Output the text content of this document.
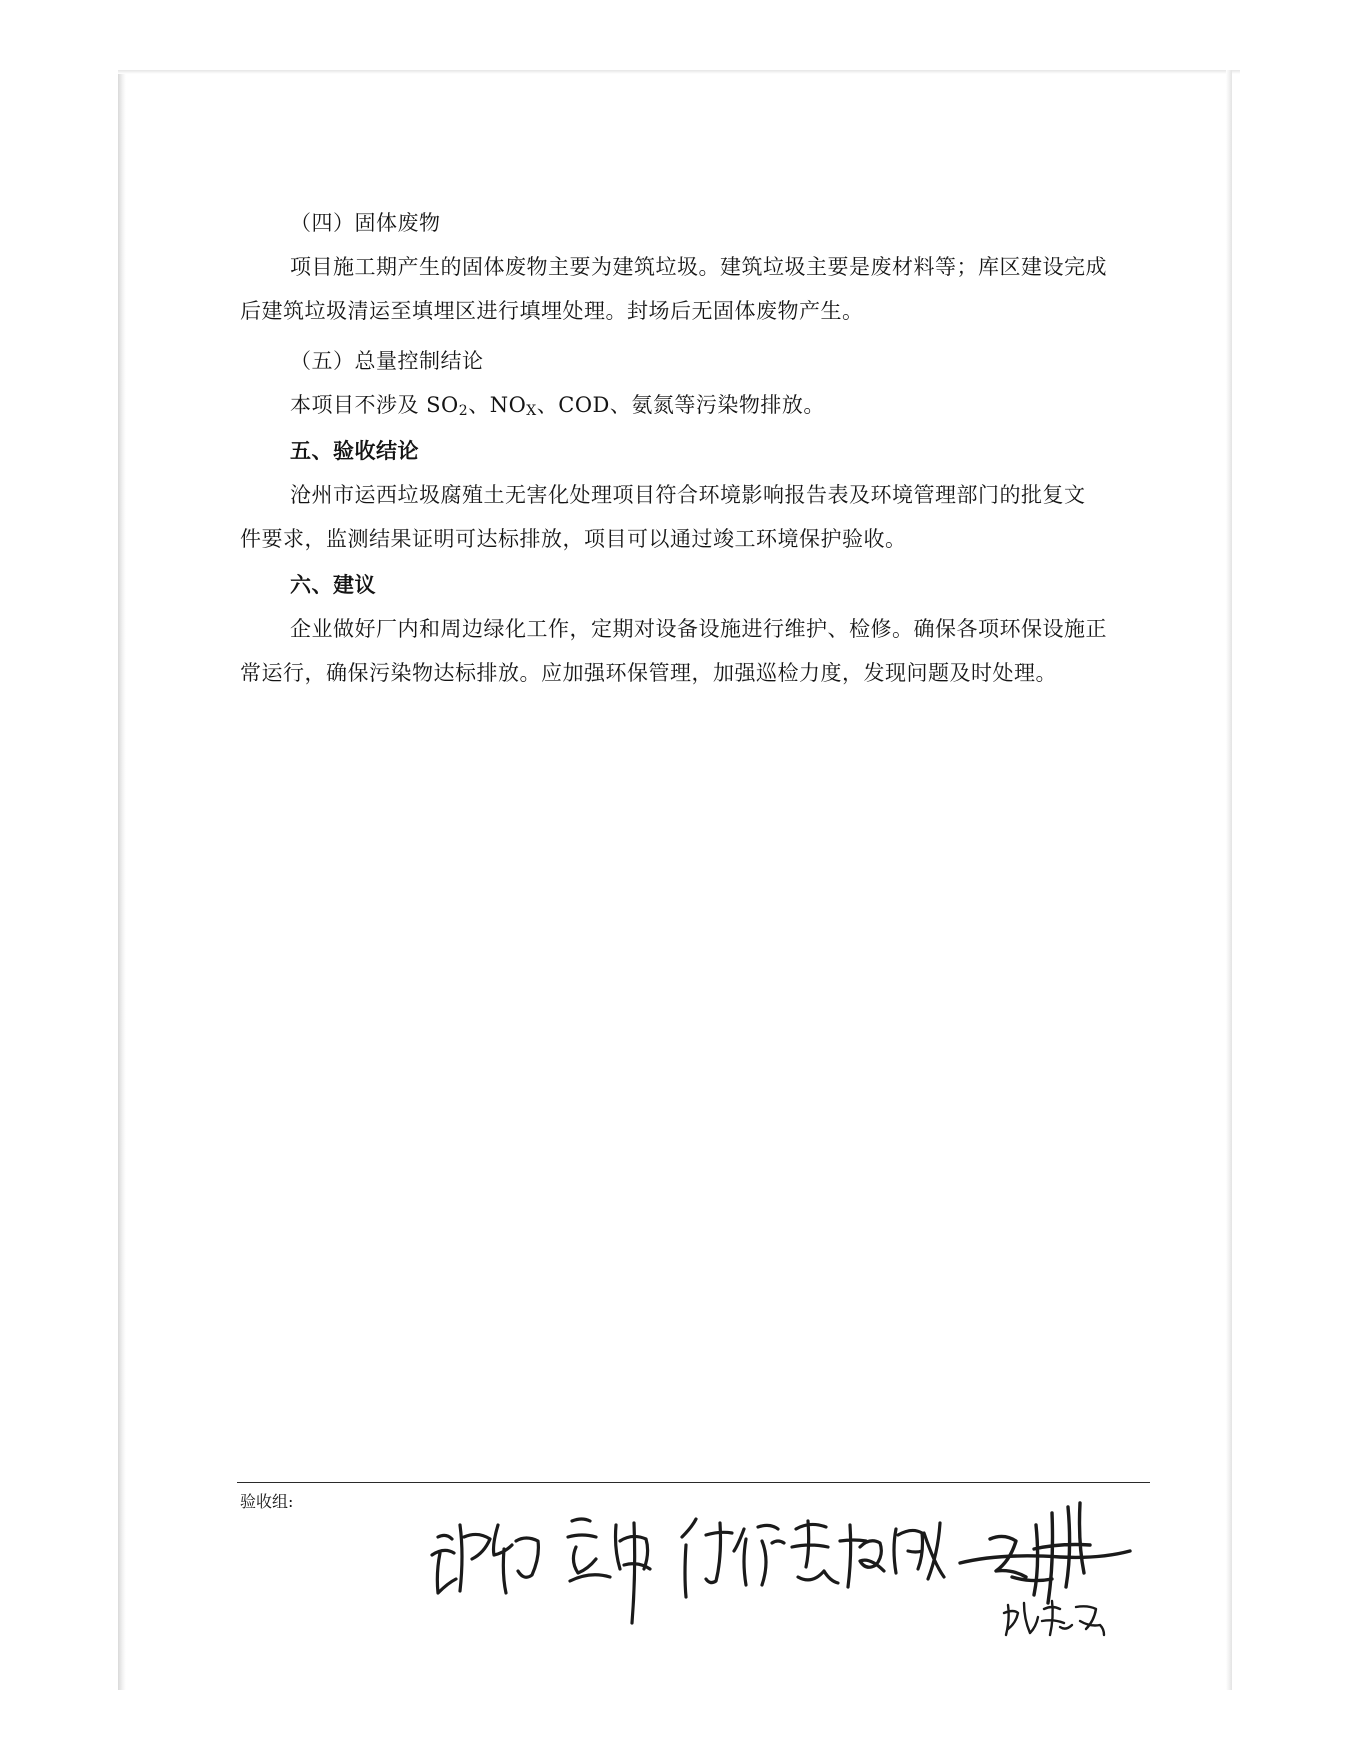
（四）固体废物
项目施工期产生的固体废物主要为建筑垃圾。建筑垃圾主要是废材料等；库区建设完成
后建筑垃圾清运至填埋区进行填埋处理。封场后无固体废物产生。
（五）总量控制结论
本项目不涉及 $SO_2$、$NO_X$、COD、氨氮等污染物排放。
五、验收结论
沧州市运西垃圾腐殖土无害化处理项目符合环境影响报告表及环境管理部门的批复文
件要求，监测结果证明可达标排放，项目可以通过竣工环境保护验收。
六、建议
企业做好厂内和周边绿化工作，定期对设备设施进行维护、检修。确保各项环保设施正
常运行，确保污染物达标排放。应加强环保管理，加强巡检力度，发现问题及时处理。
验收组:
